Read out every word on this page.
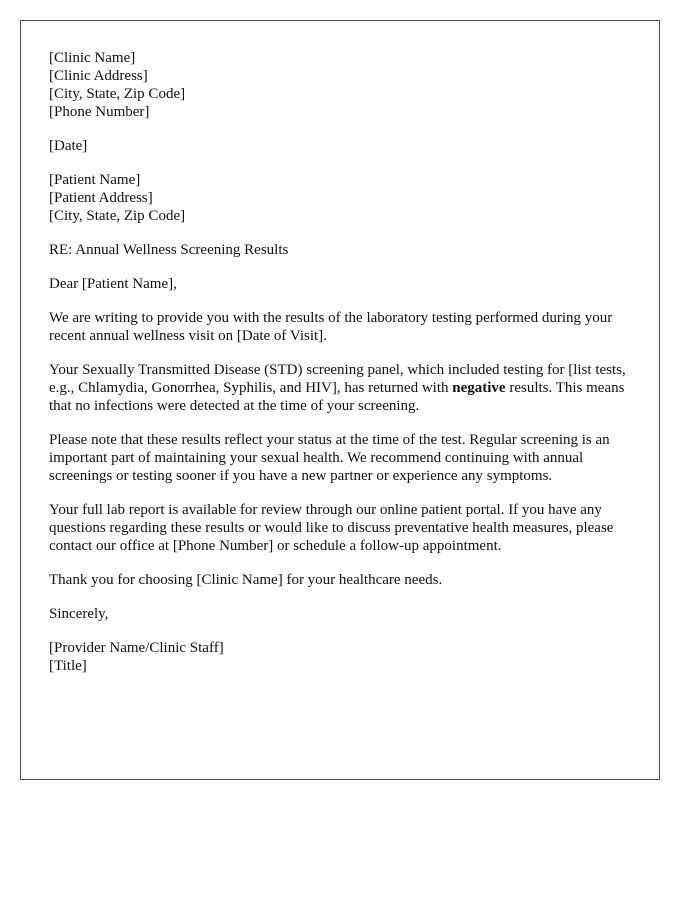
[Clinic Name]
[Clinic Address]
[City, State, Zip Code]
[Phone Number]
[Date]
[Patient Name]
[Patient Address]
[City, State, Zip Code]
RE: Annual Wellness Screening Results
Dear [Patient Name],

We are writing to provide you with the results of the laboratory testing performed during your recent annual wellness visit on [Date of Visit].

Your Sexually Transmitted Disease (STD) screening panel, which included testing for [list tests, e.g., Chlamydia, Gonorrhea, Syphilis, and HIV], has returned with negative results. This means that no infections were detected at the time of your screening.

Please note that these results reflect your status at the time of the test. Regular screening is an important part of maintaining your sexual health. We recommend continuing with annual screenings or testing sooner if you have a new partner or experience any symptoms.

Your full lab report is available for review through our online patient portal. If you have any questions regarding these results or would like to discuss preventative health measures, please contact our office at [Phone Number] or schedule a follow-up appointment.

Thank you for choosing [Clinic Name] for your healthcare needs.

Sincerely,
[Provider Name/Clinic Staff]
[Title]
